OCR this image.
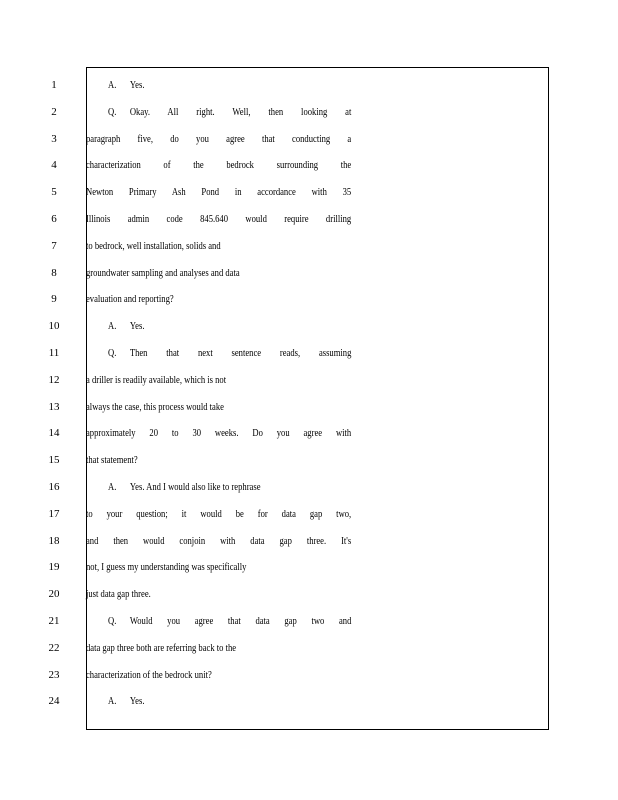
1	A. Yes.
2	Q. Okay. All right. Well, then looking at
3	paragraph five, do you agree that conducting a
4	characterization of the bedrock surrounding the
5	Newton Primary Ash Pond in accordance with 35
6	Illinois admin code 845.640 would require drilling
7	to bedrock, well installation, solids and
8	groundwater sampling and analyses and data
9	evaluation and reporting?
10	A. Yes.
11	Q. Then that next sentence reads, assuming
12	a driller is readily available, which is not
13	always the case, this process would take
14	approximately 20 to 30 weeks. Do you agree with
15	that statement?
16	A. Yes. And I would also like to rephrase
17	to your question; it would be for data gap two,
18	and then would conjoin with data gap three. It's
19	not, I guess my understanding was specifically
20	just data gap three.
21	Q. Would you agree that data gap two and
22	data gap three both are referring back to the
23	characterization of the bedrock unit?
24	A. Yes.
